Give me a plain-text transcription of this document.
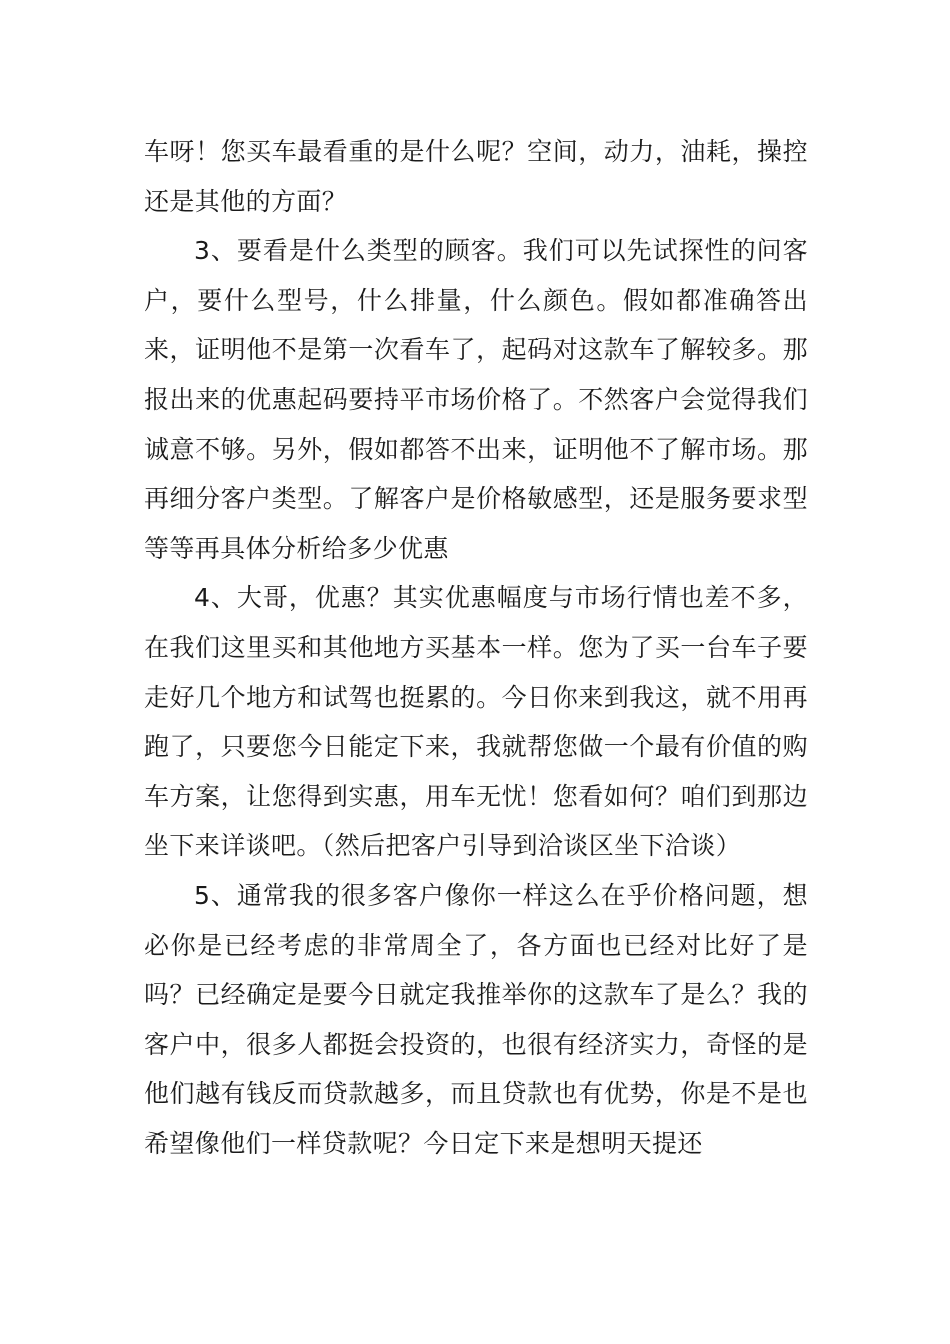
车呀！您买车最看重的是什么呢？空间，动力，油耗，操控还是其他的方面？

3、要看是什么类型的顾客。我们可以先试探性的问客户，要什么型号，什么排量，什么颜色。假如都准确答出来，证明他不是第一次看车了，起码对这款车了解较多。那报出来的优惠起码要持平市场价格了。不然客户会觉得我们诚意不够。另外，假如都答不出来，证明他不了解市场。那再细分客户类型。了解客户是价格敏感型，还是服务要求型等等再具体分析给多少优惠

4、大哥，优惠？其实优惠幅度与市场行情也差不多，在我们这里买和其他地方买基本一样。您为了买一台车子要走好几个地方和试驾也挺累的。今日你来到我这，就不用再跑了，只要您今日能定下来，我就帮您做一个最有价值的购车方案，让您得到实惠，用车无忧！您看如何？咱们到那边坐下来详谈吧。（然后把客户引导到洽谈区坐下洽谈）

5、通常我的很多客户像你一样这么在乎价格问题，想必你是已经考虑的非常周全了，各方面也已经对比好了是吗？已经确定是要今日就定我推举你的这款车了是么？我的客户中，很多人都挺会投资的，也很有经济实力，奇怪的是他们越有钱反而贷款越多，而且贷款也有优势，你是不是也希望像他们一样贷款呢？今日定下来是想明天提还
